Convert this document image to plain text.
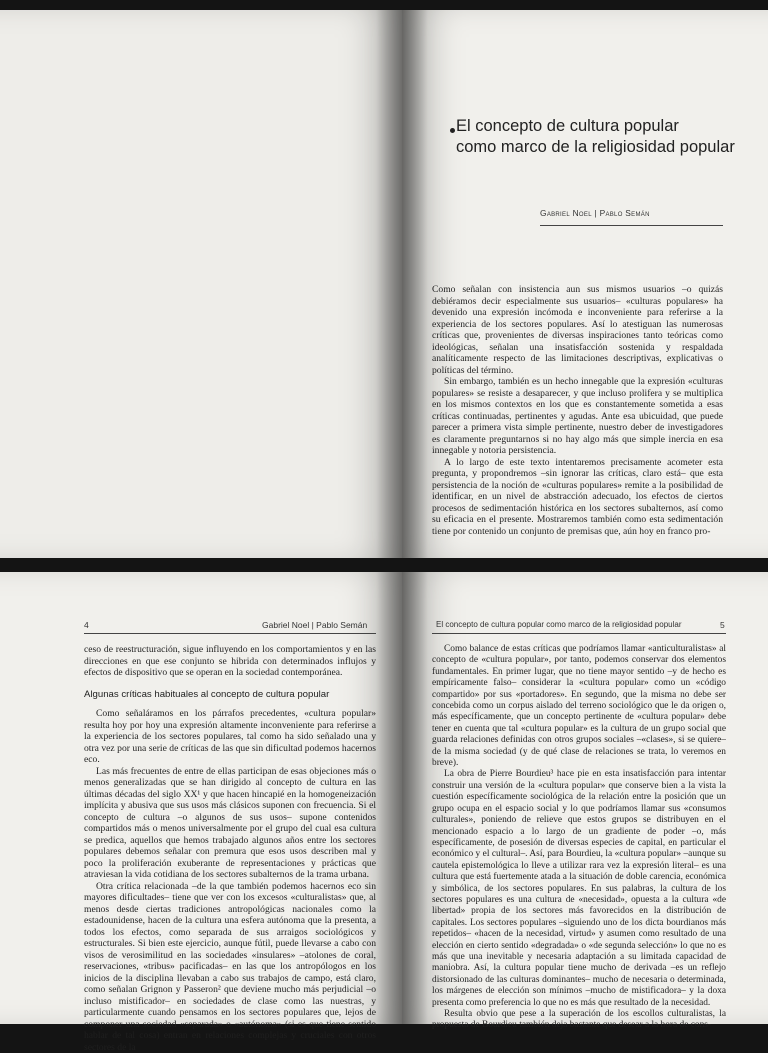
El concepto de cultura popular
como marco de la religiosidad popular
Gabriel Noel | Pablo Semán

Como señalan con insistencia aun sus mismos usuarios –o quizás debiéramos decir especialmente sus usuarios– «culturas populares» ha devenido una expresión incómoda e inconveniente para referirse a la experiencia de los sectores populares. Así lo atestiguan las numerosas críticas que, provenientes de diversas inspiraciones tanto teóricas como ideológicas, señalan una insatisfacción sostenida y respaldada analíticamente respecto de las limitaciones descriptivas, explicativas o políticas del término.

Sin embargo, también es un hecho innegable que la expresión «culturas populares» se resiste a desaparecer, y que incluso prolifera y se multiplica en los mismos contextos en los que es constantemente sometida a esas críticas continuadas, pertinentes y agudas. Ante esa ubicuidad, que puede parecer a primera vista simple pertinente, nuestro deber de investigadores es claramente preguntarnos si no hay algo más que simple inercia en esa innegable y notoria persistencia.

A lo largo de este texto intentaremos precisamente acometer esta pregunta, y propondremos –sin ignorar las críticas, claro está– que esta persistencia de la noción de «culturas populares» remite a la posibilidad de identificar, en un nivel de abstracción adecuado, los efectos de ciertos procesos de sedimentación histórica en los sectores subalternos, así como su eficacia en el presente. Mostraremos también como esta sedimentación tiene por contenido un conjunto de premisas que, aún hoy en franco pro-

4	Gabriel Noel | Pablo Semán

ceso de reestructuración, sigue influyendo en los comportamientos y en las direcciones en que ese conjunto se hibrida con determinados influjos y efectos de dispositivo que se operan en la sociedad contemporánea.

Algunas críticas habituales al concepto de cultura popular

Como señaláramos en los párrafos precedentes, «cultura popular» resulta hoy por hoy una expresión altamente inconveniente para referirse a la experiencia de los sectores populares, tal como ha sido señalado una y otra vez por una serie de críticas de las que sin dificultad podemos hacernos eco.

Las más frecuentes de entre de ellas participan de esas objeciones más o menos generalizadas que se han dirigido al concepto de cultura en las últimas décadas del siglo XX¹ y que hacen hincapié en la homogeneización implícita y abusiva que sus usos más clásicos suponen con frecuencia. Si el concepto de cultura –o algunos de sus usos– supone contenidos compartidos más o menos universalmente por el grupo del cual esa cultura se predica, aquellos que hemos trabajado algunos años entre los sectores populares debemos señalar con premura que esos usos describen mal y poco la proliferación exuberante de representaciones y prácticas que atraviesan la vida cotidiana de los sectores subalternos de la trama urbana.

Otra crítica relacionada –de la que también podemos hacernos eco sin mayores dificultades– tiene que ver con los excesos «culturalistas» que, al menos desde ciertas tradiciones antropológicas nacionales como la estadounidense, hacen de la cultura una esfera autónoma que la presenta, a todos los efectos, como separada de sus arraigos sociológicos y estructurales. Si bien este ejercicio, aunque fútil, puede llevarse a cabo con visos de verosimilitud en las sociedades «insulares» –atolones de coral, reservaciones, «tribus» pacificadas– en las que los antropólogos en los inicios de la disciplina llevaban a cabo sus trabajos de campo, está claro, como señalan Grignon y Passeron² que deviene mucho más perjudicial –o incluso mistificador– en sociedades de clase como las nuestras, y particularmente cuando pensamos en los sectores populares que, lejos de componer una sociedad «separada» o «autónoma» (si es que tiene sentido hablar de tal cosa) entran en relaciones complejas y cruciales con otros sectores de la

El concepto de cultura popular como marco de la religiosidad popular	5

Como balance de estas críticas que podríamos llamar «anticulturalistas» al concepto de «cultura popular», por tanto, podemos conservar dos elementos fundamentales. En primer lugar, que no tiene mayor sentido –y de hecho es empíricamente falso– considerar la «cultura popular» como un «código compartido» por sus «portadores». En segundo, que la misma no debe ser concebida como un corpus aislado del terreno sociológico que le da origen o, más específicamente, que un concepto pertinente de «cultura popular» debe tener en cuenta que tal «cultura popular» es la cultura de un grupo social que guarda relaciones definidas con otros grupos sociales –«clases», si se quiere– de la misma sociedad (y de qué clase de relaciones se trata, lo veremos en breve).

La obra de Pierre Bourdieu³ hace pie en esta insatisfacción para intentar construir una versión de la «cultura popular» que conserve bien a la vista la cuestión específicamente sociológica de la relación entre la posición que un grupo ocupa en el espacio social y lo que podríamos llamar sus «consumos culturales», poniendo de relieve que estos grupos se distribuyen en el mencionado espacio a lo largo de un gradiente de poder –o, más específicamente, de posesión de diversas especies de capital, en particular el económico y el cultural–. Así, para Bourdieu, la «cultura popular» –aunque su cautela epistemológica lo lleve a utilizar rara vez la expresión literal– es una cultura que está fuertemente atada a la situación de doble carencia, económica y simbólica, de los sectores populares. En sus palabras, la cultura de los sectores populares es una cultura de «necesidad», opuesta a la cultura «de libertad» propia de los sectores más favorecidos en la distribución de capitales. Los sectores populares –siguiendo uno de los dicta bourdianos más repetidos– «hacen de la necesidad, virtud» y asumen como resultado de una elección en cierto sentido «degradada» o «de segunda selección» lo que no es más que una inevitable y necesaria adaptación a su limitada capacidad de maniobra. Así, la cultura popular tiene mucho de derivada –es un reflejo distorsionado de las culturas dominantes– mucho de necesaria o determinada, los márgenes de elección son mínimos –mucho de mistificadora– y la doxa presenta como preferencia lo que no es más que resultado de la necesidad.

Resulta obvio que pese a la superación de los escollos culturalistas, la propuesta de Bourdieu también deja bastante que desear a la hora de cons-
